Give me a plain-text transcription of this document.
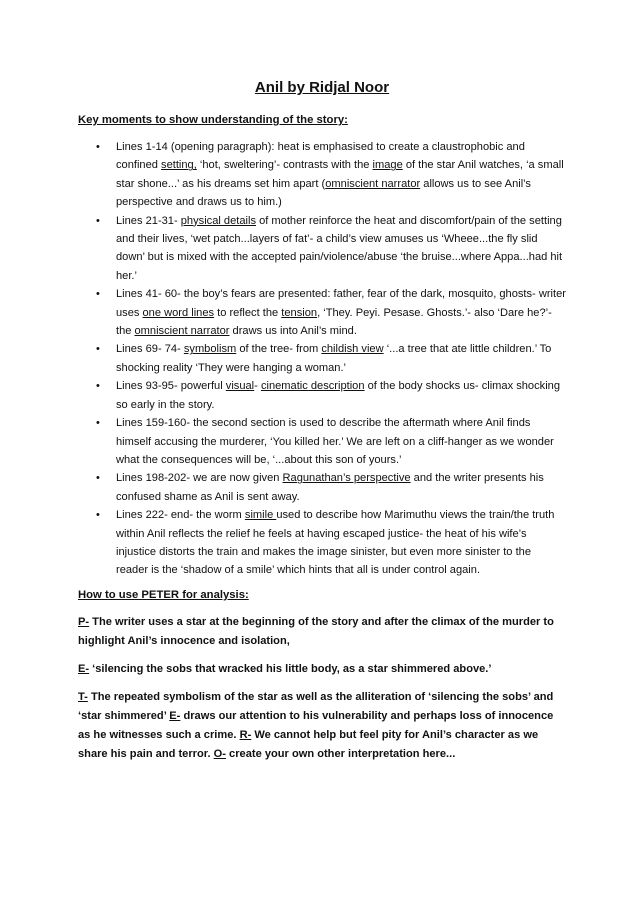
Anil by Ridjal Noor
Key moments to show understanding of the story:
• Lines 1-14 (opening paragraph): heat is emphasised to create a claustrophobic and confined setting, ‘hot, sweltering’- contrasts with the image of the star Anil watches, ‘a small star shone...’ as his dreams set him apart (omniscient narrator allows us to see Anil’s perspective and draws us to him.)
• Lines 21-31- physical details of mother reinforce the heat and discomfort/pain of the setting and their lives, ‘wet patch...layers of fat’- a child’s view amuses us ‘Wheee...the fly slid down’ but is mixed with the accepted pain/violence/abuse ‘the bruise...where Appa...had hit her.’
• Lines 41- 60- the boy’s fears are presented: father, fear of the dark, mosquito, ghosts- writer uses one word lines to reflect the tension, ‘They. Peyi. Pesase. Ghosts.’- also ‘Dare he?’- the omniscient narrator draws us into Anil’s mind.
• Lines 69- 74- symbolism of the tree- from childish view ‘...a tree that ate little children.’ To shocking reality ‘They were hanging a woman.’
• Lines 93-95- powerful visual- cinematic description of the body shocks us- climax shocking so early in the story.
• Lines 159-160- the second section is used to describe the aftermath where Anil finds himself accusing the murderer, ‘You killed her.’ We are left on a cliff-hanger as we wonder what the consequences will be, ‘...about this son of yours.’
• Lines 198-202- we are now given Ragunathan’s perspective and the writer presents his confused shame as Anil is sent away.
• Lines 222- end- the worm simile used to describe how Marimuthu views the train/the truth within Anil reflects the relief he feels at having escaped justice- the heat of his wife’s injustice distorts the train and makes the image sinister, but even more sinister to the reader is the ‘shadow of a smile’ which hints that all is under control again.
How to use PETER for analysis:
P- The writer uses a star at the beginning of the story and after the climax of the murder to highlight Anil’s innocence and isolation,
E- ‘silencing the sobs that wracked his little body, as a star shimmered above.’
T- The repeated symbolism of the star as well as the alliteration of ‘silencing the sobs’ and ‘star shimmered’ E- draws our attention to his vulnerability and perhaps loss of innocence as he witnesses such a crime. R- We cannot help but feel pity for Anil’s character as we share his pain and terror. O- create your own other interpretation here...
